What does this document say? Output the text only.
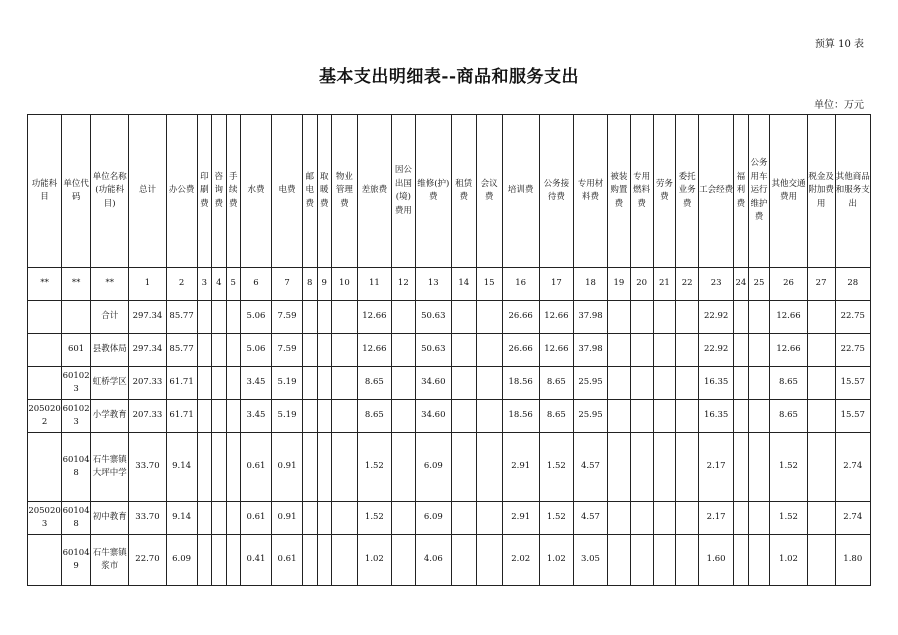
预算 10 表
基本支出明细表--商品和服务支出
单位：万元
功能科目	单位代码	单位名称(功能科目)	总计	办公费	印刷费	咨询费	手续费	水费	电费	邮电费	取暖费	物业管理费	差旅费	因公出国(境)费用	维修(护)费	租赁费	会议费	培训费	公务接待费	专用材料费	被装购置费	专用燃料费	劳务费	委托业务费	工会经费	福利费	公务用车运行维护费	其他交通费用	税金及附加费用	其他商品和服务支出
**	**	**	1	2	3	4	5	6	7	8	9	10	11	12	13	14	15	16	17	18	19	20	21	22	23	24	25	26	27	28
		合计	297.34	85.77				5.06	7.59				12.66		50.63			26.66	12.66	37.98					22.92			12.66		22.75
	601	县教体局	297.34	85.77				5.06	7.59				12.66		50.63			26.66	12.66	37.98					22.92			12.66		22.75
	601023	虹桥学区	207.33	61.71				3.45	5.19				8.65		34.60			18.56	8.65	25.95					16.35			8.65		15.57
2050202	601023	小学教育	207.33	61.71				3.45	5.19				8.65		34.60			18.56	8.65	25.95					16.35			8.65		15.57
	601048	石牛寨镇大坪中学	33.70	9.14				0.61	0.91				1.52		6.09			2.91	1.52	4.57					2.17			1.52		2.74
2050203	601048	初中教育	33.70	9.14				0.61	0.91				1.52		6.09			2.91	1.52	4.57					2.17			1.52		2.74
	601049	石牛寨镇浆市	22.70	6.09				0.41	0.61				1.02		4.06			2.02	1.02	3.05					1.60			1.02		1.80
